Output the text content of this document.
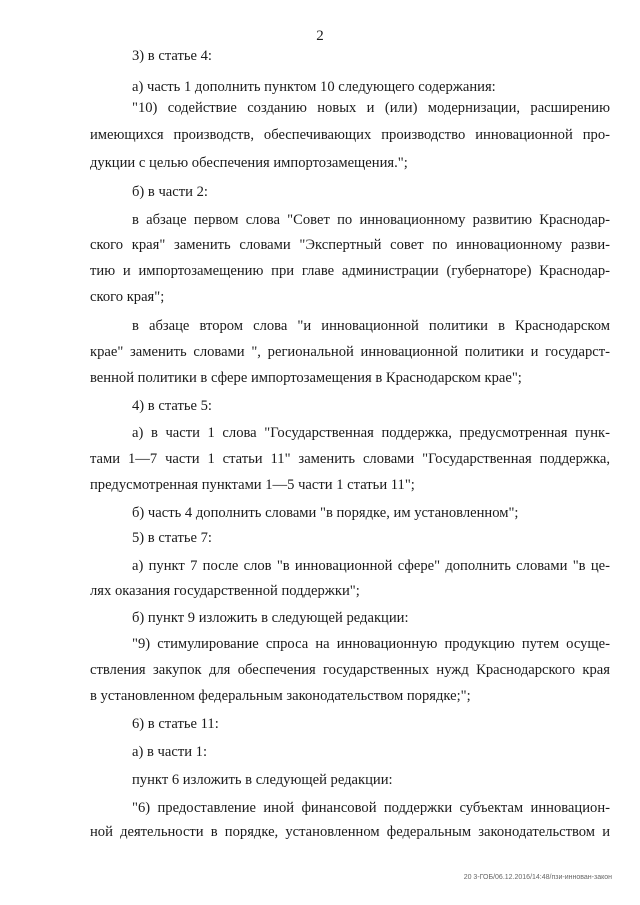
2
3) в статье 4:
а) часть 1 дополнить пунктом 10 следующего содержания:
"10) содействие созданию новых и (или) модернизации, расширению
имеющихся производств, обеспечивающих производство инновационной про-
дукции с целью обеспечения импортозамещения.";
б) в части 2:
в абзаце первом слова "Совет по инновационному развитию Краснодар-
ского края" заменить словами "Экспертный совет по инновационному разви-
тию и импортозамещению при главе администрации (губернаторе) Краснодар-
ского края";
в абзаце втором слова "и инновационной политики в Краснодарском
крае" заменить словами ", региональной инновационной политики и государст-
венной политики в сфере импортозамещения в Краснодарском крае";
4) в статье 5:
а) в части 1 слова "Государственная поддержка, предусмотренная пунк-
тами 1—7 части 1 статьи 11" заменить словами "Государственная поддержка,
предусмотренная пунктами 1—5 части 1 статьи 11";
б) часть 4 дополнить словами "в порядке, им установленном";
5) в статье 7:
а) пункт 7 после слов "в инновационной сфере" дополнить словами "в це-
лях оказания государственной поддержки";
б) пункт 9 изложить в следующей редакции:
"9) стимулирование спроса на инновационную продукцию путем осуще-
ствления закупок для обеспечения государственных нужд Краснодарского края
в установленном федеральным законодательством порядке;";
6) в статье 11:
а) в части 1:
пункт 6 изложить в следующей редакции:
"6) предоставление иной финансовой поддержки субъектам инновацион-
ной деятельности в порядке, установленном федеральным законодательством и
20 3-ГОБ/06.12.2016/14:48/пзи-иннован-закон
